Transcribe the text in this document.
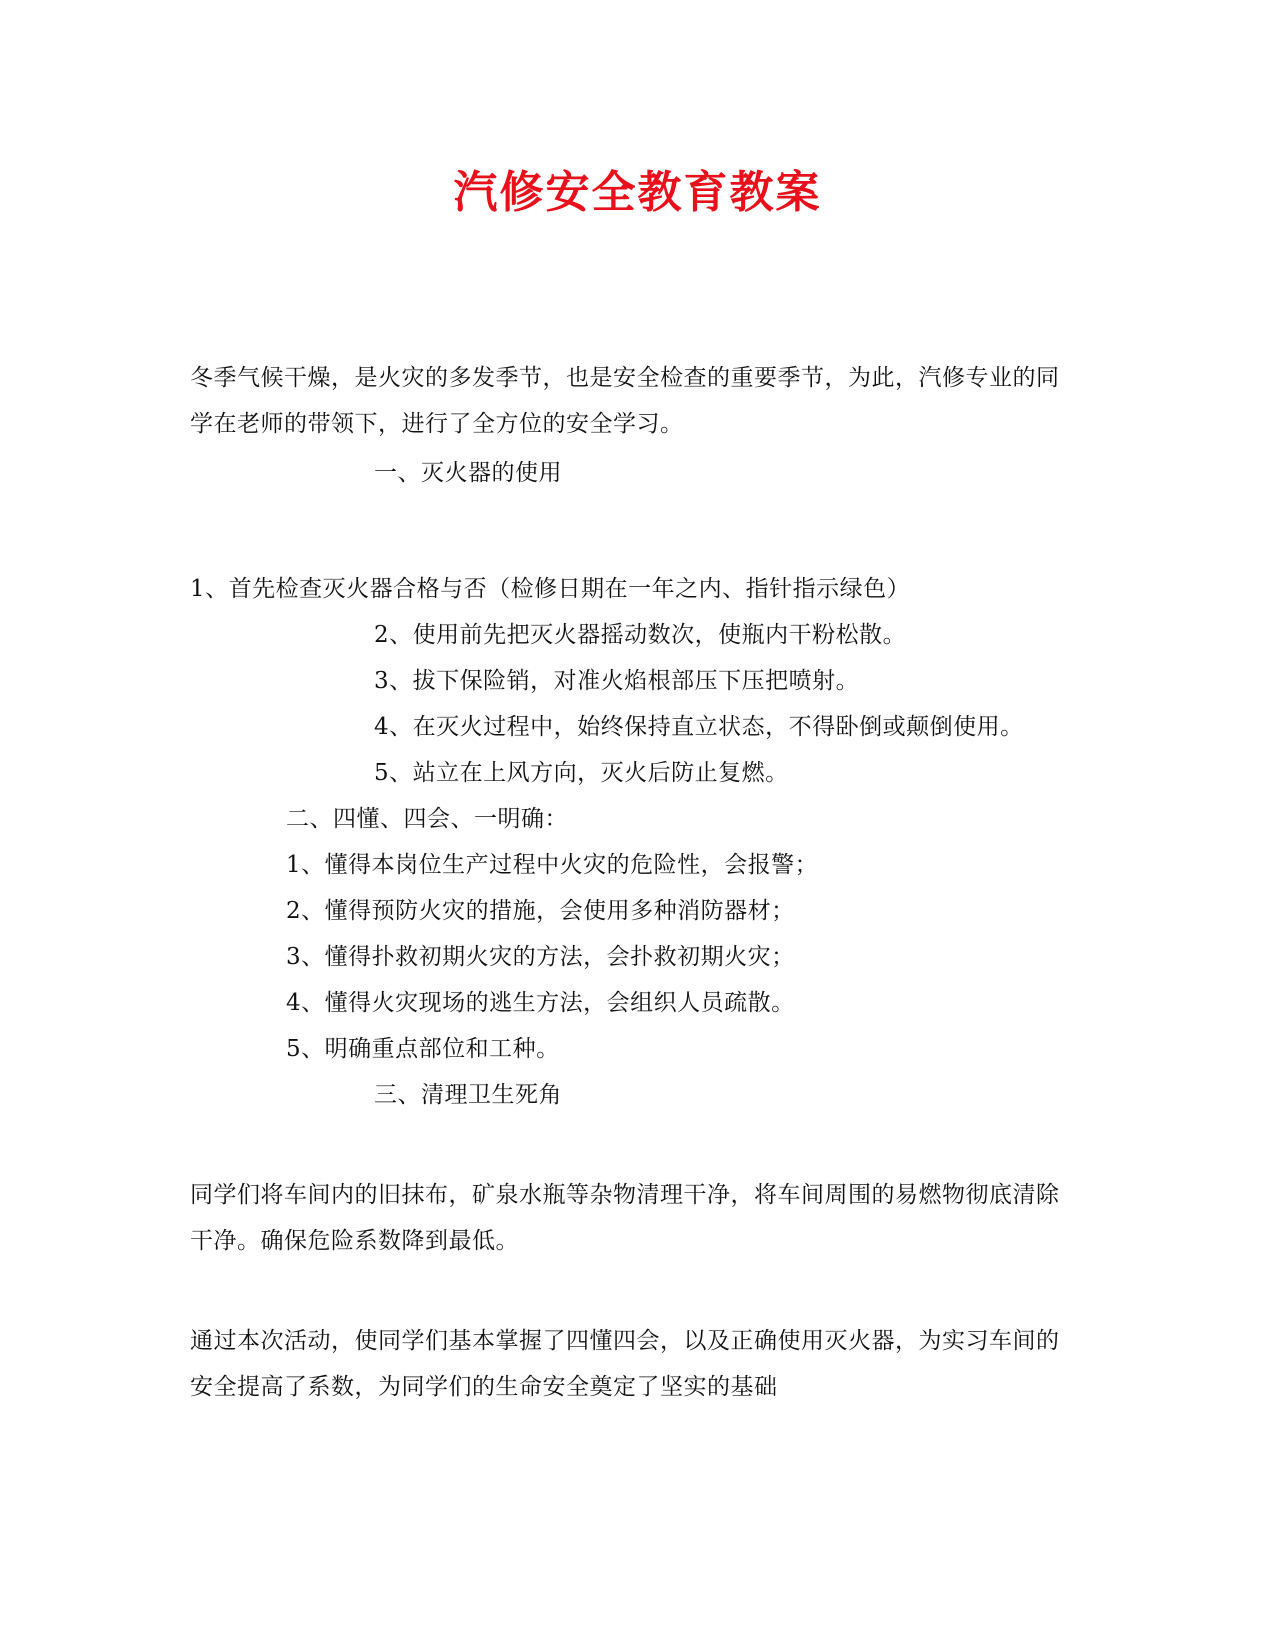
汽修安全教育教案

冬季气候干燥，是火灾的多发季节，也是安全检查的重要季节，为此，汽修专业的同学在老师的带领下，进行了全方位的安全学习。

一、灭火器的使用

1、首先检查灭火器合格与否（检修日期在一年之内、指针指示绿色）

2、使用前先把灭火器摇动数次，使瓶内干粉松散。

3、拔下保险销，对准火焰根部压下压把喷射。

4、在灭火过程中，始终保持直立状态，不得卧倒或颠倒使用。

5、站立在上风方向，灭火后防止复燃。

二、四懂、四会、一明确：

1、懂得本岗位生产过程中火灾的危险性，会报警；

2、懂得预防火灾的措施，会使用多种消防器材；

3、懂得扑救初期火灾的方法，会扑救初期火灾；

4、懂得火灾现场的逃生方法，会组织人员疏散。

5、明确重点部位和工种。

三、清理卫生死角

同学们将车间内的旧抹布，矿泉水瓶等杂物清理干净，将车间周围的易燃物彻底清除干净。确保危险系数降到最低。

通过本次活动，使同学们基本掌握了四懂四会，以及正确使用灭火器，为实习车间的安全提高了系数，为同学们的生命安全奠定了坚实的基础
